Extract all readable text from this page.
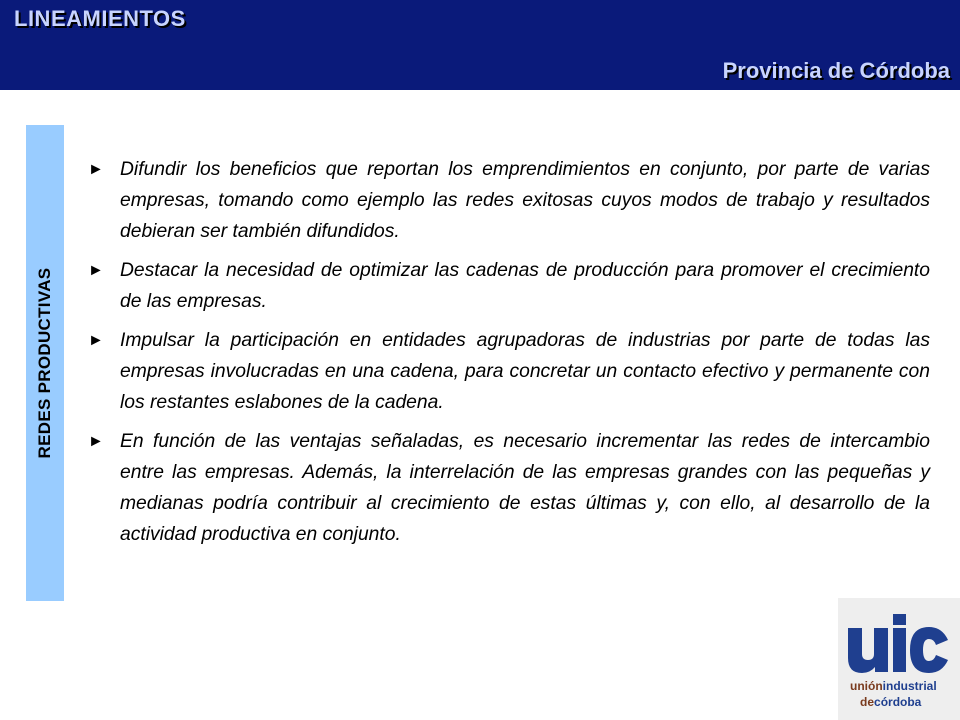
LINEAMIENTOS
Provincia de Córdoba
REDES PRODUCTIVAS
► Difundir los beneficios que reportan los emprendimientos en conjunto, por parte de varias empresas, tomando como ejemplo las redes exitosas cuyos modos de trabajo y resultados debieran ser también difundidos.
► Destacar la necesidad de optimizar las cadenas de producción para promover el crecimiento de las empresas.
► Impulsar la participación en entidades agrupadoras de industrias por parte de todas las empresas involucradas en una cadena, para concretar un contacto efectivo y permanente con los restantes eslabones de la cadena.
► En función de las ventajas señaladas, es necesario incrementar las redes de intercambio entre las empresas. Además, la interrelación de las empresas grandes con las pequeñas y medianas podría contribuir al crecimiento de estas últimas y, con ello, al desarrollo de la actividad productiva en conjunto.
uniónindustrial
decórdoba
